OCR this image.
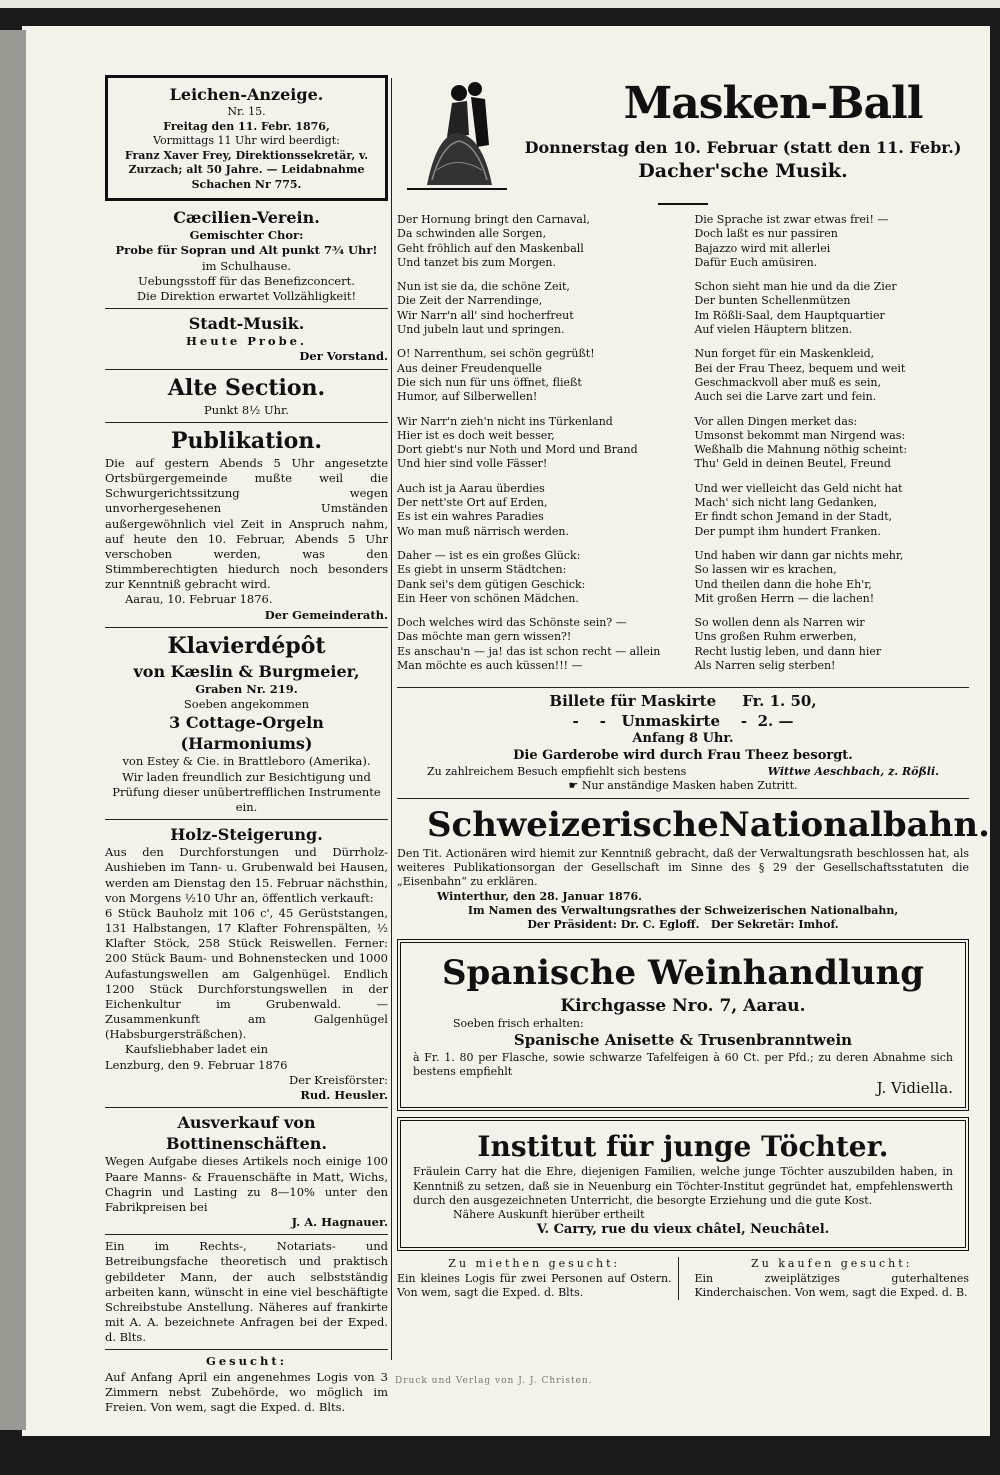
Leichen-Anzeige.
Nr. 15.
Freitag den 11. Febr. 1876,
Vormittags 11 Uhr wird beerdigt:
Franz Xaver Frey, Direktionssekretär, v. Zurzach; alt 50 Jahre. — Leidabnahme Schachen Nr 775.
Cæcilien-Verein.
Gemischter Chor:
Probe für Sopran und Alt punkt 7¾ Uhr!
im Schulhause.
Uebungsstoff für das Benefizconcert.
Die Direktion erwartet Vollzähligkeit!
Stadt-Musik.
Heute Probe.
Der Vorstand.
Alte Section.
Punkt 8½ Uhr.
Publikation.
Die auf gestern Abends 5 Uhr angesetzte Ortsbürgergemeinde mußte weil die Schwurgerichtssitzung wegen unvorhergesehenen Umständen außergewöhnlich viel Zeit in Anspruch nahm, auf heute den 10. Februar, Abends 5 Uhr verschoben werden, was den Stimmberechtigten hiedurch noch besonders zur Kenntniß gebracht wird.
Aarau, 10. Februar 1876.
Der Gemeinderath.
Klavierdépôt
von Kæslin & Burgmeier,
Graben Nr. 219.
Soeben angekommen
3 Cottage-Orgeln (Harmoniums)
von Estey & Cie. in Brattleboro (Amerika).
Wir laden freundlich zur Besichtigung und Prüfung dieser unübertrefflichen Instrumente ein.
Holz-Steigerung.
Aus den Durchforstungen und Dürrholz-Aushieben im Tann- u. Grubenwald bei Hausen, werden am Dienstag den 15. Februar nächsthin, von Morgens ½10 Uhr an, öffentlich verkauft:
6 Stück Bauholz mit 106 c', 45 Gerüststangen, 131 Halbstangen, 17 Klafter Fohrenspälten, ½ Klafter Stöck, 258 Stück Reiswellen. Ferner: 200 Stück Baum- und Bohnenstecken und 1000 Aufastungswellen am Galgenhügel. Endlich 1200 Stück Durchforstungswellen in der Eichenkultur im Grubenwald. — Zusammenkunft am Galgenhügel (Habsburgersträßchen).
Kaufsliebhaber ladet ein
Lenzburg, den 9. Februar 1876
Der Kreisförster:
Rud. Heusler.
Ausverkauf von Bottinenschäften.
Wegen Aufgabe dieses Artikels noch einige 100 Paare Manns- & Frauenschäfte in Matt, Wichs, Chagrin und Lasting zu 8—10% unter den Fabrikpreisen bei
J. A. Hagnauer.
Ein im Rechts-, Notariats- und Betreibungsfache theoretisch und praktisch gebildeter Mann, der auch selbstständig arbeiten kann, wünscht in eine viel beschäftigte Schreibstube Anstellung. Näheres auf frankirte mit A. A. bezeichnete Anfragen bei der Exped. d. Blts.
Gesucht:
Auf Anfang April ein angenehmes Logis von 3 Zimmern nebst Zubehörde, wo möglich im Freien. Von wem, sagt die Exped. d. Blts.
Masken-Ball
Donnerstag den 10. Februar (statt den 11. Febr.)
Dacher'sche Musik.
Der Hornung bringt den Carnaval,
Da schwinden alle Sorgen,
Geht fröhlich auf den Maskenball
Und tanzet bis zum Morgen.
Nun ist sie da, die schöne Zeit,
Die Zeit der Narrendinge,
Wir Narr'n all' sind hocherfreut
Und jubeln laut und springen.
O! Narrenthum, sei schön gegrüßt!
Aus deiner Freudenquelle
Die sich nun für uns öffnet, fließt
Humor, auf Silberwellen!
Wir Narr'n zieh'n nicht ins Türkenland
Hier ist es doch weit besser,
Dort giebt's nur Noth und Mord und Brand
Und hier sind volle Fässer!
Auch ist ja Aarau überdies
Der nett'ste Ort auf Erden,
Es ist ein wahres Paradies
Wo man muß närrisch werden.
Daher — ist es ein großes Glück:
Es giebt in unserm Städtchen:
Dank sei's dem gütigen Geschick:
Ein Heer von schönen Mädchen.
Doch welches wird das Schönste sein? —
Das möchte man gern wissen?!
Es anschau'n — ja! das ist schon recht — allein
Man möchte es auch küssen!!! —
Die Sprache ist zwar etwas frei! —
Doch laßt es nur passiren
Bajazzo wird mit allerlei
Dafür Euch amüsiren.
Schon sieht man hie und da die Zier
Der bunten Schellenmützen
Im Rößli-Saal, dem Hauptquartier
Auf vielen Häuptern blitzen.
Nun forget für ein Maskenkleid,
Bei der Frau Theez, bequem und weit
Geschmackvoll aber muß es sein,
Auch sei die Larve zart und fein.
Vor allen Dingen merket das:
Umsonst bekommt man Nirgend was:
Weßhalb die Mahnung nöthig scheint:
Thu' Geld in deinen Beutel, Freund
Und wer vielleicht das Geld nicht hat
Mach' sich nicht lang Gedanken,
Er findt schon Jemand in der Stadt,
Der pumpt ihm hundert Franken.
Und haben wir dann gar nichts mehr,
So lassen wir es krachen,
Und theilen dann die hohe Eh'r,
Mit großen Herrn — die lachen!
So wollen denn als Narren wir
Uns großen Ruhm erwerben,
Recht lustig leben, und dann hier
Als Narren selig sterben!
Billete für Maskirte     Fr. 1. 50,
-    -   Unmaskirte    -  2. —
Anfang 8 Uhr.
Die Garderobe wird durch Frau Theez besorgt.
Zu zahlreichem Besuch empfiehlt sich bestens	Wittwe Aeschbach, z. Rößli.
☛ Nur anständige Masken haben Zutritt.
Schweizerische Nationalbahn.
Den Tit. Actionären wird hiemit zur Kenntniß gebracht, daß der Verwaltungsrath beschlossen hat, als weiteres Publikationsorgan der Gesellschaft im Sinne des § 29 der Gesellschaftsstatuten die „Eisenbahn“ zu erklären.
Winterthur, den 28. Januar 1876.
Im Namen des Verwaltungsrathes der Schweizerischen Nationalbahn,
Der Präsident: Dr. C. Egloff.   Der Sekretär: Imhof.
Spanische Weinhandlung
Kirchgasse Nro. 7, Aarau.
Soeben frisch erhalten:
Spanische Anisette & Trusenbranntwein
à Fr. 1. 80 per Flasche, sowie schwarze Tafelfeigen à 60 Ct. per Pfd.; zu deren Abnahme sich bestens empfiehlt
J. Vidiella.
Institut für junge Töchter.
Fräulein Carry hat die Ehre, diejenigen Familien, welche junge Töchter auszubilden haben, in Kenntniß zu setzen, daß sie in Neuenburg ein Töchter-Institut gegründet hat, empfehlenswerth durch den ausgezeichneten Unterricht, die besorgte Erziehung und die gute Kost.
Nähere Auskunft hierüber ertheilt
V. Carry, rue du vieux châtel, Neuchâtel.
Zu miethen gesucht:
Ein kleines Logis für zwei Personen auf Ostern. Von wem, sagt die Exped. d. Blts.
Zu kaufen gesucht:
Ein zweiplätziges guterhaltenes Kinderchaischen. Von wem, sagt die Exped. d. B.
Druck und Verlag von J. J. Christen.
